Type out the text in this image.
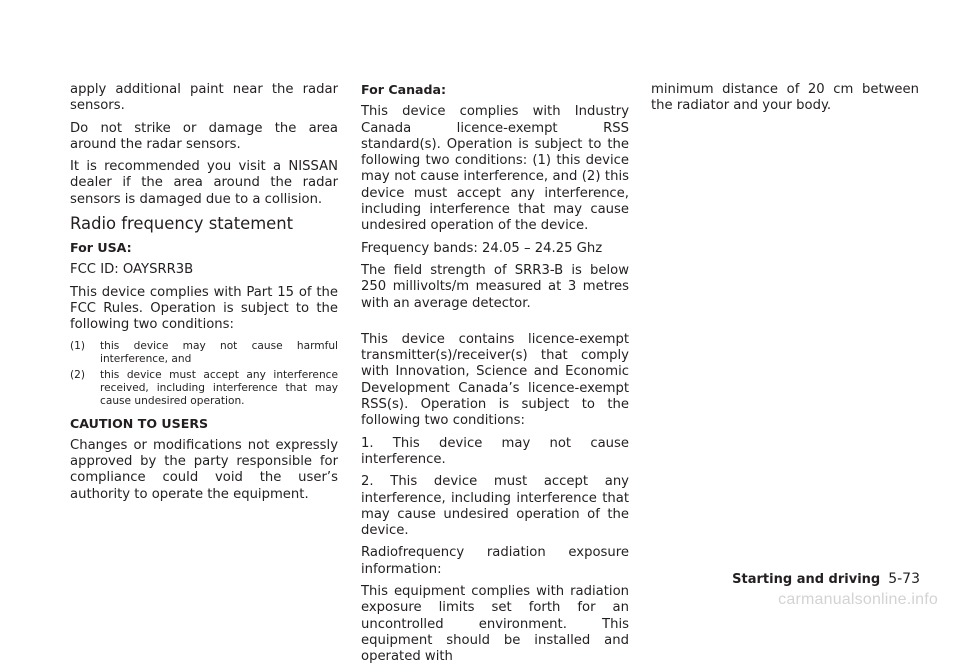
apply additional paint near the radar sensors.

Do not strike or damage the area around the radar sensors.

It is recommended you visit a NISSAN dealer if the area around the radar sensors is damaged due to a collision.

Radio frequency statement

For USA:

FCC ID: OAYSRR3B

This device complies with Part 15 of the FCC Rules. Operation is subject to the following two conditions:

(1) this device may not cause harmful interference, and
(2) this device must accept any interference received, including interference that may cause undesired operation.

CAUTION TO USERS

Changes or modifications not expressly approved by the party responsible for compliance could void the user’s authority to operate the equipment.

For Canada:

This device complies with Industry Canada licence-exempt RSS standard(s). Operation is subject to the following two conditions: (1) this device may not cause interference, and (2) this device must accept any interference, including interference that may cause undesired operation of the device.

Frequency bands: 24.05 – 24.25 Ghz

The field strength of SRR3-B is below 250 millivolts/m measured at 3 metres with an average detector.

This device contains licence-exempt transmitter(s)/receiver(s) that comply with Innovation, Science and Economic Development Canada’s licence-exempt RSS(s). Operation is subject to the following two conditions:

1. This device may not cause interference.

2. This device must accept any interference, including interference that may cause undesired operation of the device.

Radiofrequency radiation exposure information:

This equipment complies with radiation exposure limits set forth for an uncontrolled environment. This equipment should be installed and operated with

minimum distance of 20 cm between the radiator and your body.

Starting and driving 5-73
carmanualsonline.info
